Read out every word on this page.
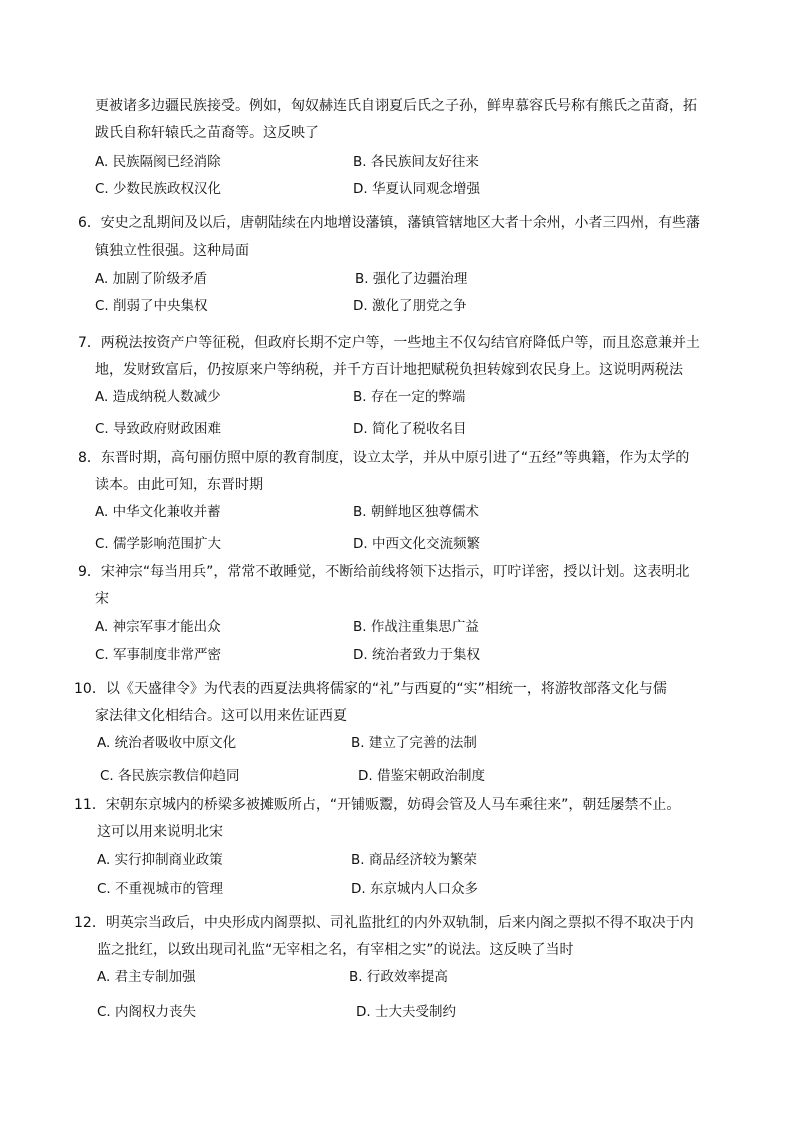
更被诸多边疆民族接受。例如，匈奴赫连氏自诩夏后氏之子孙，鲜卑慕容氏号称有熊氏之苗裔，拓
跋氏自称轩辕氏之苗裔等。这反映了
A. 民族隔阂已经消除	B. 各民族间友好往来
C. 少数民族政权汉化	D. 华夏认同观念增强
6．安史之乱期间及以后，唐朝陆续在内地增设藩镇，藩镇管辖地区大者十余州，小者三四州，有些藩
镇独立性很强。这种局面
A. 加剧了阶级矛盾	B. 强化了边疆治理
C. 削弱了中央集权	D. 激化了朋党之争
7．两税法按资产户等征税，但政府长期不定户等，一些地主不仅勾结官府降低户等，而且恣意兼并土
地，发财致富后，仍按原来户等纳税，并千方百计地把赋税负担转嫁到农民身上。这说明两税法
A. 造成纳税人数减少	B. 存在一定的弊端
C. 导致政府财政困难	D. 简化了税收名目
8．东晋时期，高句丽仿照中原的教育制度，设立太学，并从中原引进了“五经”等典籍，作为太学的
读本。由此可知，东晋时期
A. 中华文化兼收并蓄	B. 朝鲜地区独尊儒术
C. 儒学影响范围扩大	D. 中西文化交流频繁
9．宋神宗“每当用兵”，常常不敢睡觉，不断给前线将领下达指示，叮咛详密，授以计划。这表明北
宋
A. 神宗军事才能出众	B. 作战注重集思广益
C. 军事制度非常严密	D. 统治者致力于集权
10．以《天盛律令》为代表的西夏法典将儒家的“礼”与西夏的“实”相统一，将游牧部落文化与儒
家法律文化相结合。这可以用来佐证西夏
A. 统治者吸收中原文化	B. 建立了完善的法制
C. 各民族宗教信仰趋同	D. 借鉴宋朝政治制度
11．宋朝东京城内的桥梁多被摊贩所占，“开铺贩鬻，妨碍会管及人马车乘往来”，朝廷屡禁不止。
这可以用来说明北宋
A. 实行抑制商业政策	B. 商品经济较为繁荣
C. 不重视城市的管理	D. 东京城内人口众多
12．明英宗当政后，中央形成内阁票拟、司礼监批红的内外双轨制，后来内阁之票拟不得不取决于内
监之批红，以致出现司礼监“无宰相之名，有宰相之实”的说法。这反映了当时
A. 君主专制加强	B. 行政效率提高
C. 内阁权力丧失	D. 士大夫受制约
